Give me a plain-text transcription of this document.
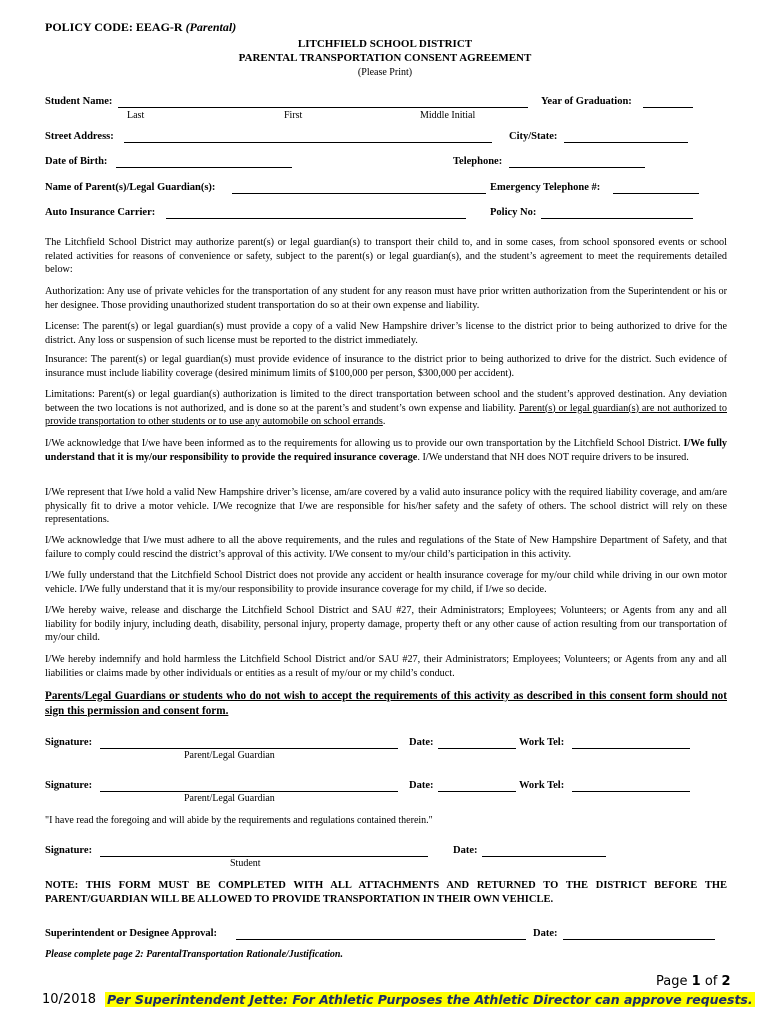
POLICY CODE: EEAG-R (Parental)
LITCHFIELD SCHOOL DISTRICT
PARENTAL TRANSPORTATION CONSENT AGREEMENT
(Please Print)
Student Name:	Year of Graduation:
Last	First	Middle Initial
Street Address:	City/State:
Date of Birth:	Telephone:
Name of Parent(s)/Legal Guardian(s):	Emergency Telephone #:
Auto Insurance Carrier:	Policy No:
The Litchfield School District may authorize parent(s) or legal guardian(s) to transport their child to, and in some cases, from school sponsored events or school related activities for reasons of convenience or safety, subject to the parent(s) or legal guardian(s), and the student’s agreement to meet the requirements detailed below:
Authorization: Any use of private vehicles for the transportation of any student for any reason must have prior written authorization from the Superintendent or his or her designee. Those providing unauthorized student transportation do so at their own expense and liability.
License: The parent(s) or legal guardian(s) must provide a copy of a valid New Hampshire driver’s license to the district prior to being authorized to drive for the district. Any loss or suspension of such license must be reported to the district immediately.
Insurance: The parent(s) or legal guardian(s) must provide evidence of insurance to the district prior to being authorized to drive for the district. Such evidence of insurance must include liability coverage (desired minimum limits of $100,000 per person, $300,000 per accident).
Limitations: Parent(s) or legal guardian(s) authorization is limited to the direct transportation between school and the student’s approved destination. Any deviation between the two locations is not authorized, and is done so at the parent’s and student’s own expense and liability. Parent(s) or legal guardian(s) are not authorized to provide transportation to other students or to use any automobile on school errands.
I/We acknowledge that I/we have been informed as to the requirements for allowing us to provide our own transportation by the Litchfield School District. I/We fully understand that it is my/our responsibility to provide the required insurance coverage. I/We understand that NH does NOT require drivers to be insured.
I/We represent that I/we hold a valid New Hampshire driver’s license, am/are covered by a valid auto insurance policy with the required liability coverage, and am/are physically fit to drive a motor vehicle. I/We recognize that I/we are responsible for his/her safety and the safety of others. The school district will rely on these representations.
I/We acknowledge that I/we must adhere to all the above requirements, and the rules and regulations of the State of New Hampshire Department of Safety, and that failure to comply could rescind the district’s approval of this activity. I/We consent to my/our child’s participation in this activity.
I/We fully understand that the Litchfield School District does not provide any accident or health insurance coverage for my/our child while driving in our own motor vehicle. I/We fully understand that it is my/our responsibility to provide insurance coverage for my child, if I/we so decide.
I/We hereby waive, release and discharge the Litchfield School District and SAU #27, their Administrators; Employees; Volunteers; or Agents from any and all liability for bodily injury, including death, disability, personal injury, property damage, property theft or any other cause of action resulting from our transportation of my/our child.
I/We hereby indemnify and hold harmless the Litchfield School District and/or SAU #27, their Administrators; Employees; Volunteers; or Agents from any and all liabilities or claims made by other individuals or entities as a result of my/our or my child’s conduct.
Parents/Legal Guardians or students who do not wish to accept the requirements of this activity as described in this consent form should not sign this permission and consent form.
Signature:	Date:	Work Tel:
Parent/Legal Guardian
Signature:	Date:	Work Tel:
Parent/Legal Guardian
"I have read the foregoing and will abide by the requirements and regulations contained therein."
Signature:	Date:
Student
NOTE: THIS FORM MUST BE COMPLETED WITH ALL ATTACHMENTS AND RETURNED TO THE DISTRICT BEFORE THE PARENT/GUARDIAN WILL BE ALLOWED TO PROVIDE TRANSPORTATION IN THEIR OWN VEHICLE.
Superintendent or Designee Approval:	Date:
Please complete page 2: ParentalTransportation Rationale/Justification.
Page 1 of 2
10/2018 Per Superintendent Jette: For Athletic Purposes the Athletic Director can approve requests.
